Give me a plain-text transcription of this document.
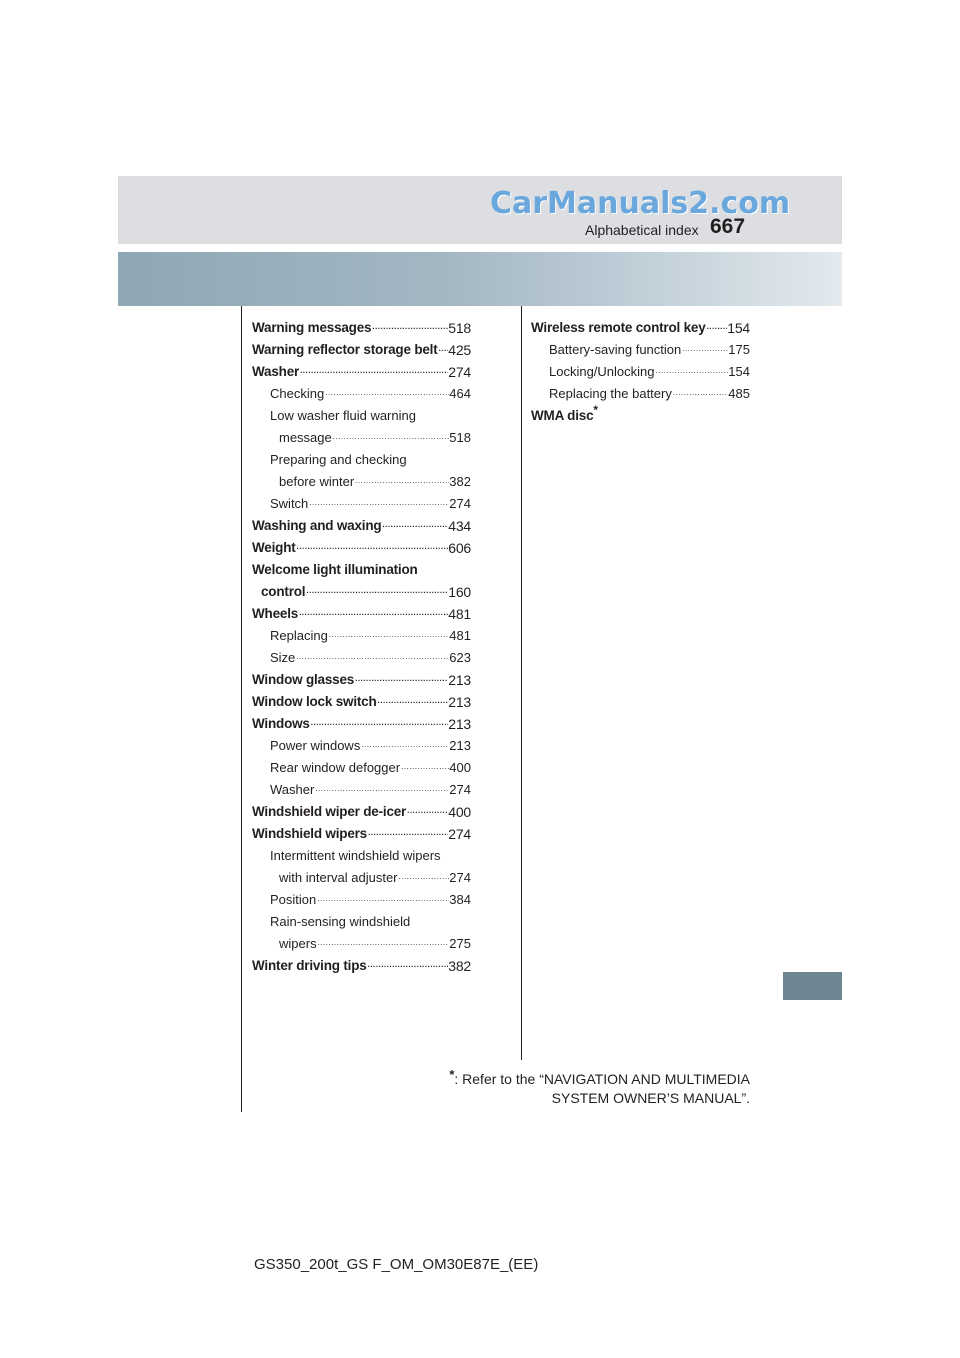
CarManuals2.com
Alphabetical index 667
Warning messages .....	518
Warning reflector storage belt ..... 425
Washer .....	274
Checking .....	464
Low washer fluid warning
message .....	518
Preparing and checking
before winter .....	382
Switch .....	274
Washing and waxing .....	434
Weight .....	606
Welcome light illumination
control .....	160
Wheels .....	481
Replacing .....	481
Size .....	623
Window glasses .....	213
Window lock switch .....	213
Windows .....	213
Power windows .....	213
Rear window defogger .....	400
Washer .....	274
Windshield wiper de-icer .....	400
Windshield wipers .....	274
Intermittent windshield wipers
with interval adjuster .....	274
Position .....	384
Rain-sensing windshield
wipers .....	275
Winter driving tips .....	382
Wireless remote control key ..... 154
Battery-saving function .....	175
Locking/Unlocking .....	154
Replacing the battery .....	485
WMA disc*
*: Refer to the “NAVIGATION AND MULTIMEDIA
SYSTEM OWNER’S MANUAL”.
GS350_200t_GS F_OM_OM30E87E_(EE)
